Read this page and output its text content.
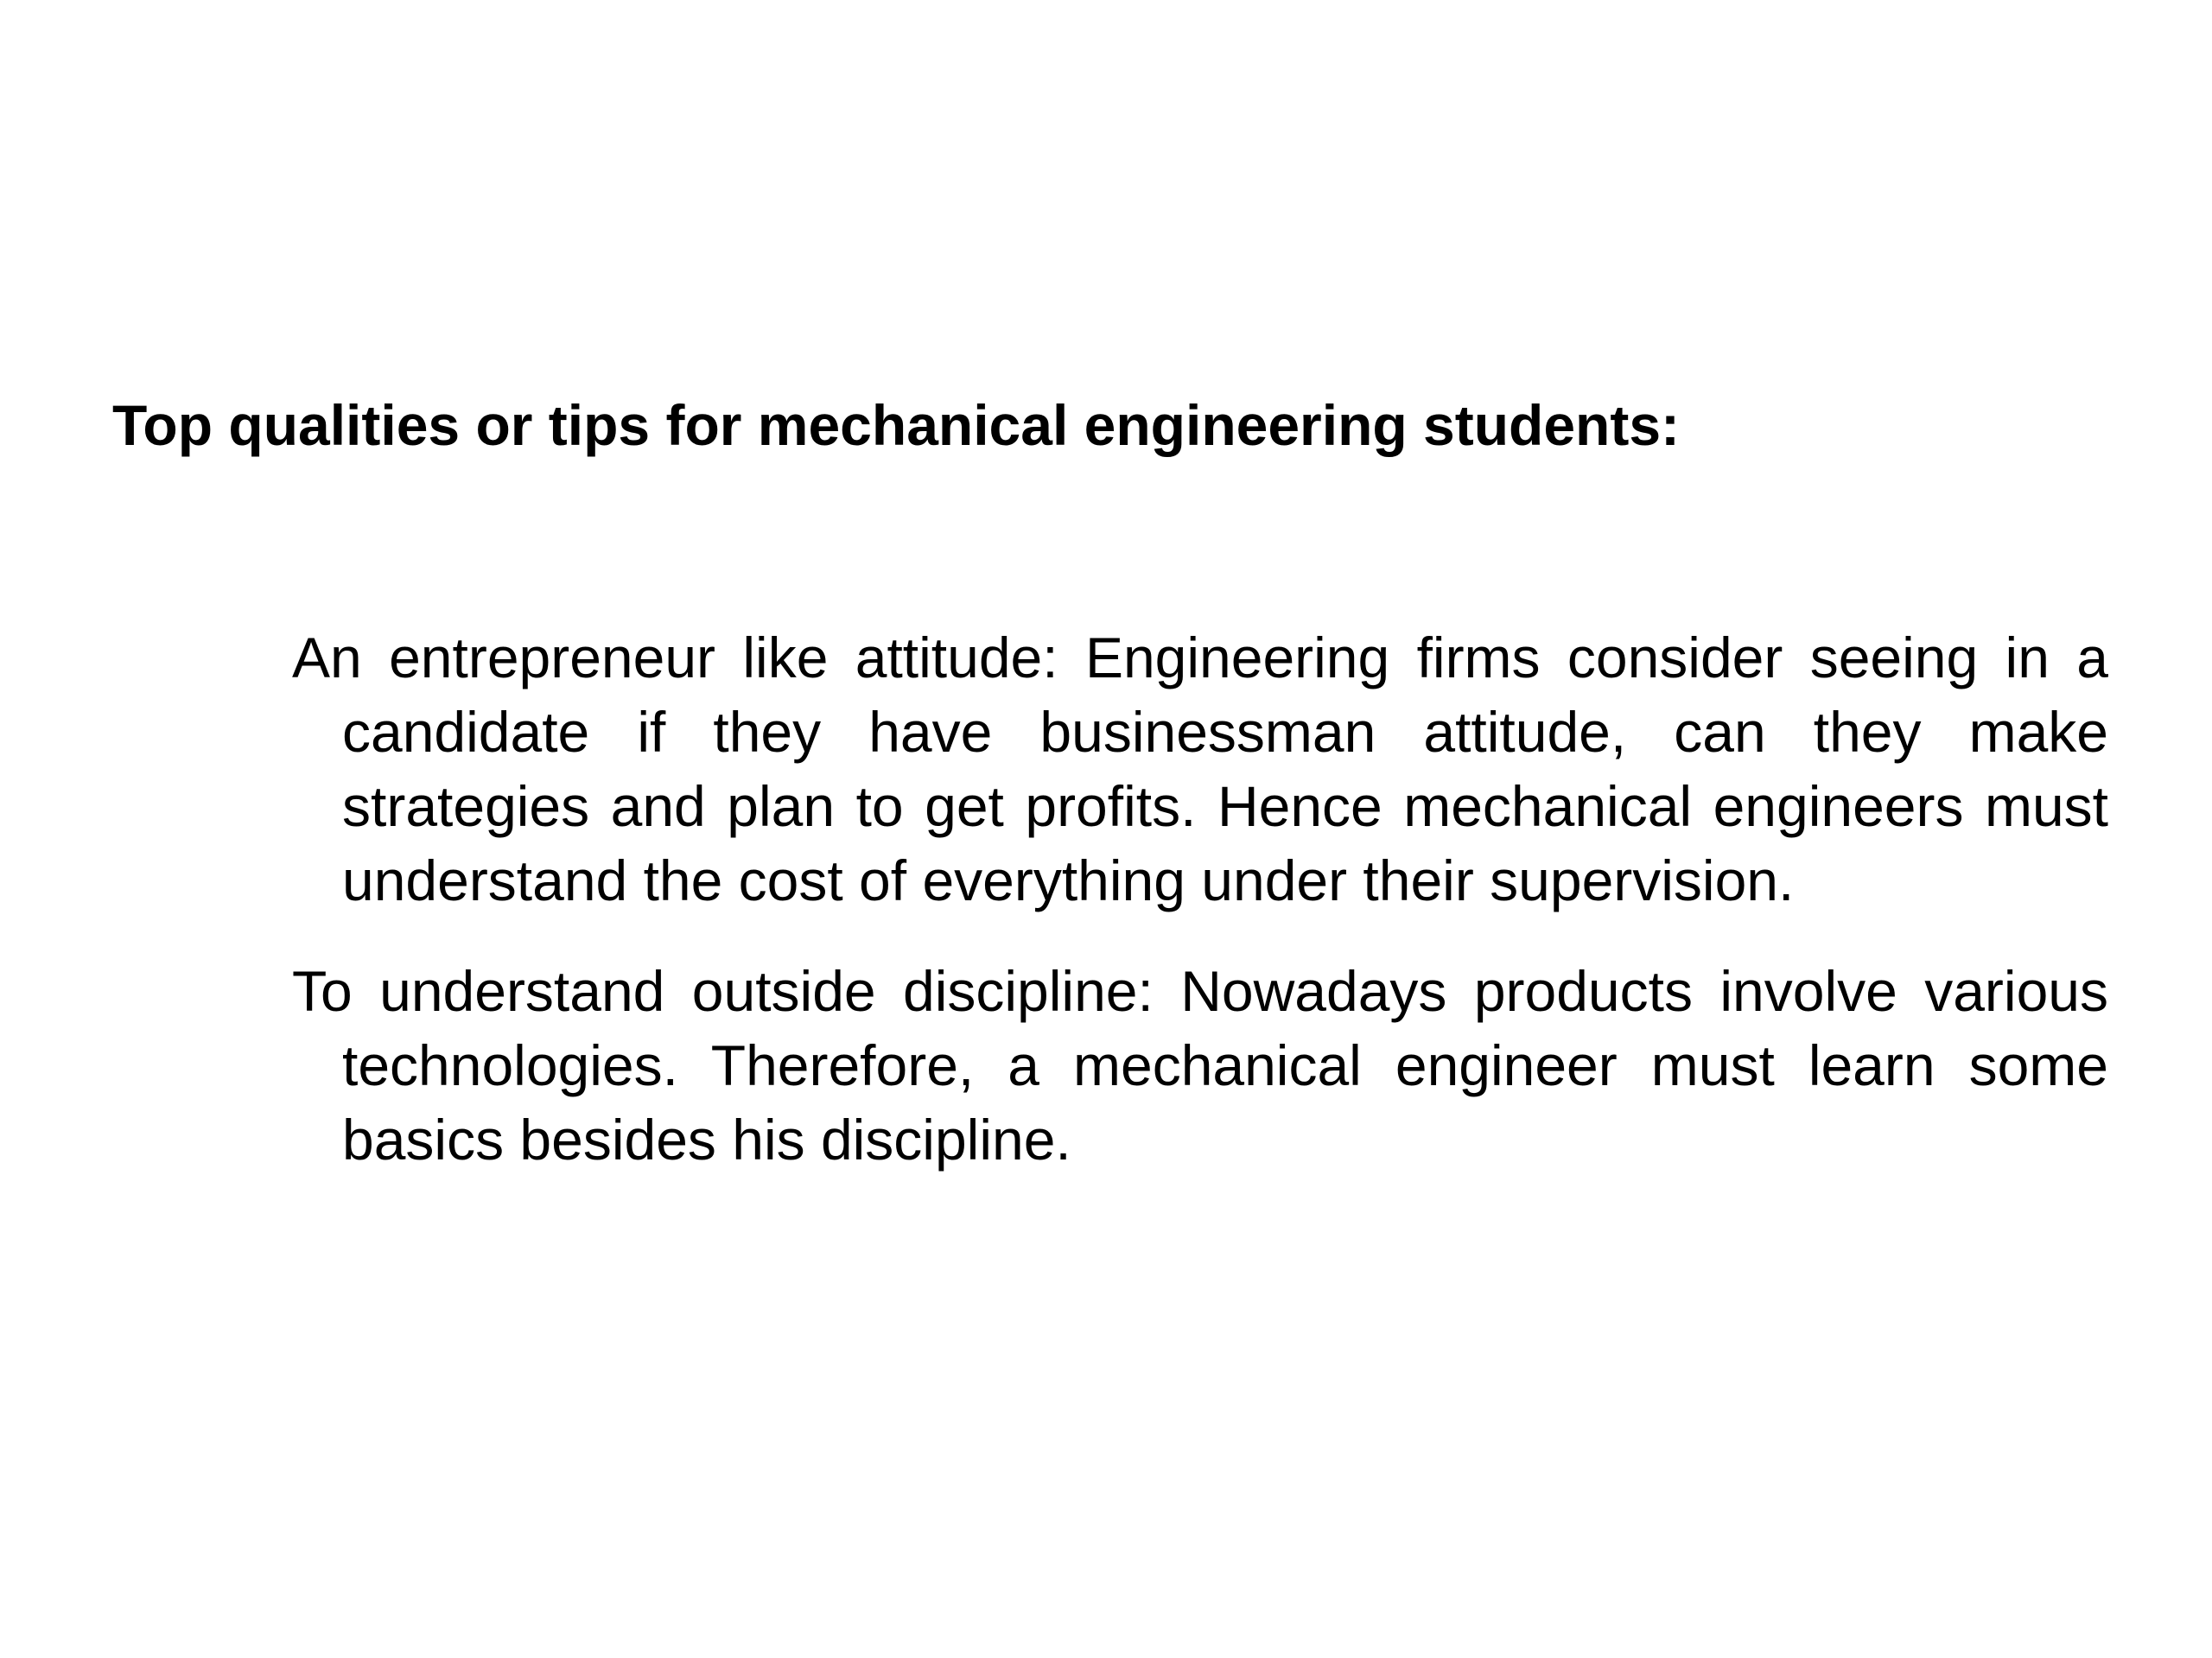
Top qualities or tips for mechanical engineering students:
An entrepreneur like attitude: Engineering firms consider seeing in a candidate if they have businessman attitude, can they make strategies and plan to get profits. Hence mechanical engineers must understand the cost of everything under their supervision.
To understand outside discipline: Nowadays products involve various technologies. Therefore, a mechanical engineer must learn some basics besides his discipline.
